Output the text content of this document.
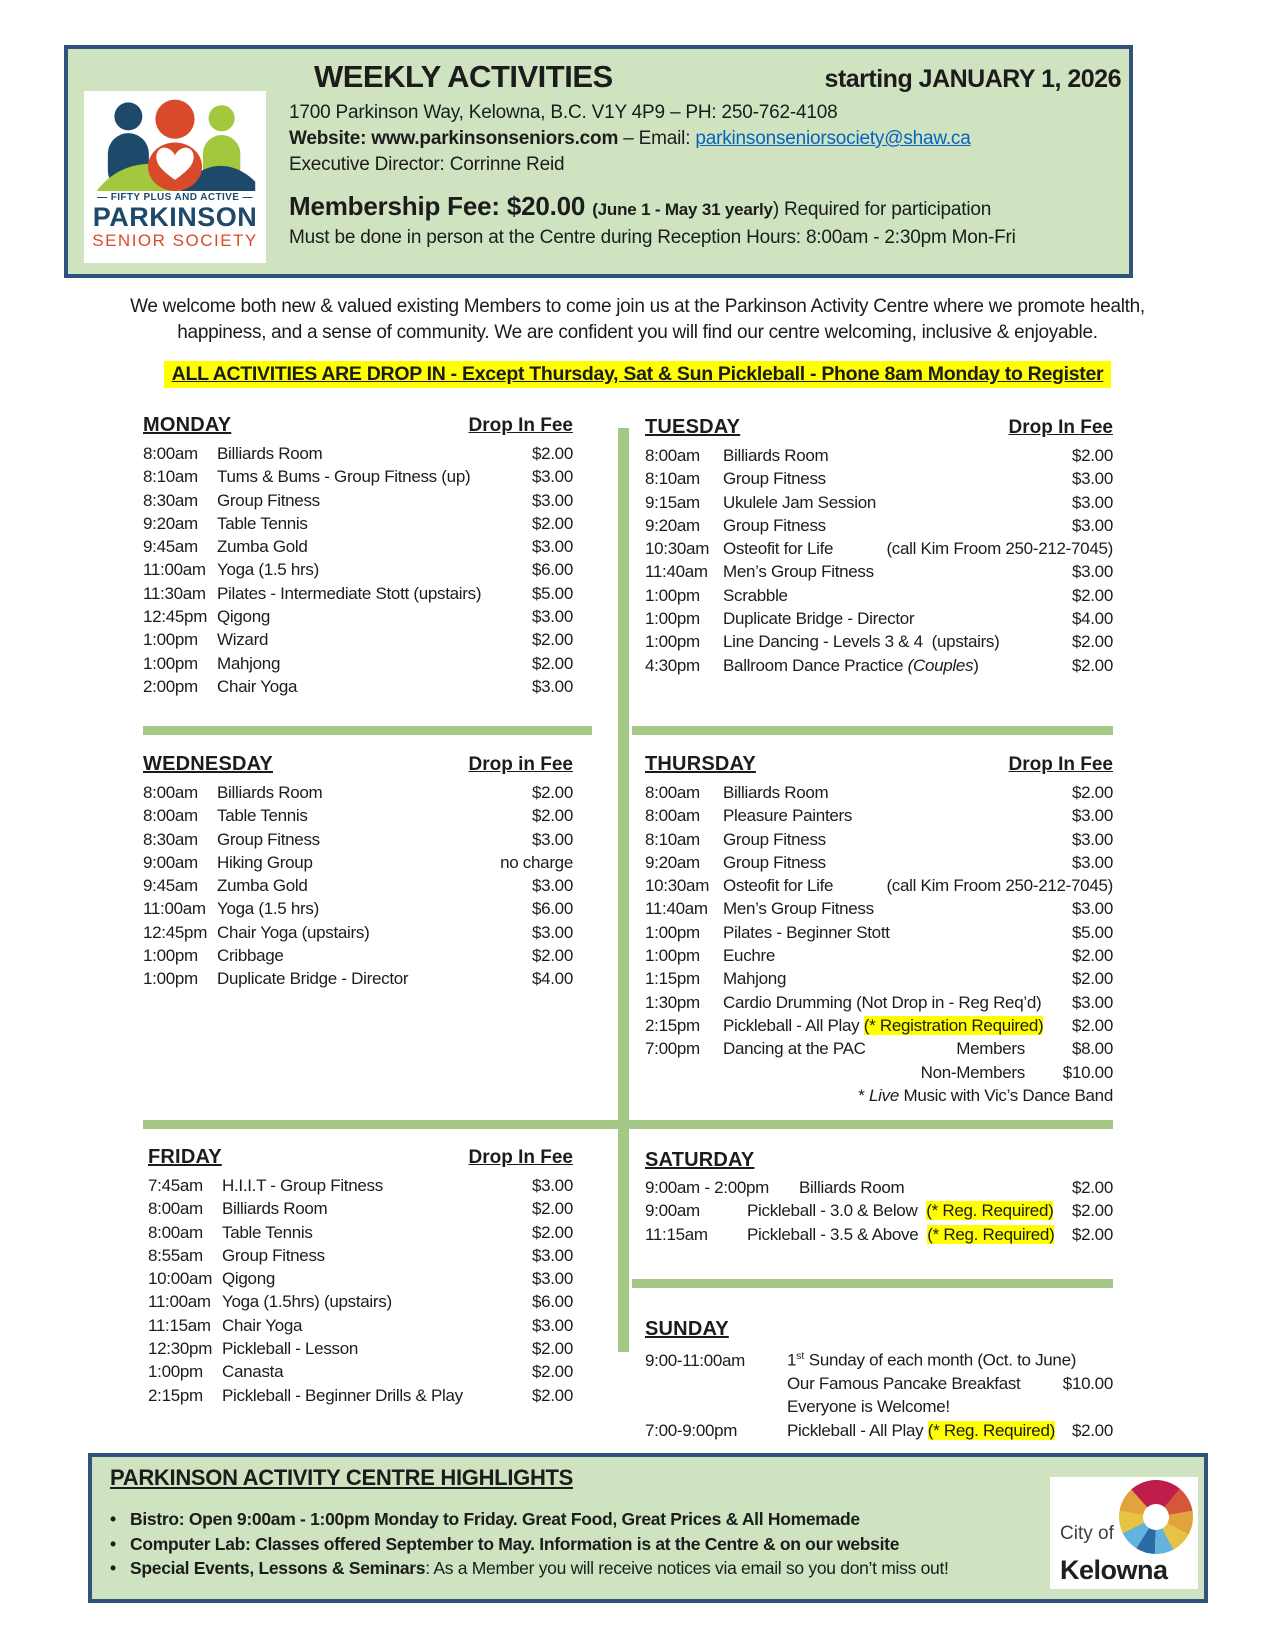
— FIFTY PLUS AND ACTIVE —
PARKINSON
SENIOR SOCIETY
WEEKLY ACTIVITIES	starting JANUARY 1, 2026
1700 Parkinson Way, Kelowna, B.C. V1Y 4P9 – PH: 250-762-4108
Website: www.parkinsonseniors.com – Email: parkinsonseniorsociety@shaw.ca
Executive Director: Corrinne Reid
Membership Fee: $20.00 (June 1 - May 31 yearly) Required for participation
Must be done in person at the Centre during Reception Hours: 8:00am - 2:30pm Mon-Fri
We welcome both new & valued existing Members to come join us at the Parkinson Activity Centre where we promote health,
happiness, and a sense of community. We are confident you will find our centre welcoming, inclusive & enjoyable.
ALL ACTIVITIES ARE DROP IN - Except Thursday, Sat & Sun Pickleball - Phone 8am Monday to Register
MONDAY	Drop In Fee
8:00am	Billiards Room	$2.00
8:10am	Tums & Bums - Group Fitness (up)	$3.00
8:30am	Group Fitness	$3.00
9:20am	Table Tennis	$2.00
9:45am	Zumba Gold	$3.00
11:00am Yoga (1.5 hrs)	$6.00
11:30am Pilates - Intermediate Stott (upstairs)	$5.00
12:45pm Qigong	$3.00
1:00pm	Wizard	$2.00
1:00pm	Mahjong	$2.00
2:00pm	Chair Yoga	$3.00
TUESDAY	Drop In Fee
8:00am	Billiards Room	$2.00
8:10am	Group Fitness	$3.00
9:15am	Ukulele Jam Session	$3.00
9:20am	Group Fitness	$3.00
10:30am Osteofit for Life	(call Kim Froom 250-212-7045)
11:40am Men’s Group Fitness	$3.00
1:00pm	Scrabble	$2.00
1:00pm	Duplicate Bridge - Director	$4.00
1:00pm	Line Dancing - Levels 3 & 4  (upstairs)	$2.00
4:30pm	Ballroom Dance Practice (Couples)	$2.00
WEDNESDAY	Drop in Fee
8:00am	Billiards Room	$2.00
8:00am	Table Tennis	$2.00
8:30am	Group Fitness	$3.00
9:00am	Hiking Group	no charge
9:45am	Zumba Gold	$3.00
11:00am Yoga (1.5 hrs)	$6.00
12:45pm Chair Yoga (upstairs)	$3.00
1:00pm	Cribbage	$2.00
1:00pm	Duplicate Bridge - Director	$4.00
THURSDAY	Drop In Fee
8:00am	Billiards Room	$2.00
8:00am	Pleasure Painters	$3.00
8:10am	Group Fitness	$3.00
9:20am	Group Fitness	$3.00
10:30am Osteofit for Life	(call Kim Froom 250-212-7045)
11:40am Men’s Group Fitness	$3.00
1:00pm	Pilates - Beginner Stott	$5.00
1:00pm	Euchre	$2.00
1:15pm	Mahjong	$2.00
1:30pm	Cardio Drumming (Not Drop in - Reg Req’d) $3.00
2:15pm	Pickleball - All Play (* Registration Required) $2.00
7:00pm	Dancing at the PAC	Members	$8.00
Non-Members	$10.00
* Live Music with Vic’s Dance Band
FRIDAY	Drop In Fee
7:45am	H.I.I.T - Group Fitness	$3.00
8:00am	Billiards Room	$2.00
8:00am	Table Tennis	$2.00
8:55am	Group Fitness	$3.00
10:00am Qigong	$3.00
11:00am Yoga (1.5hrs) (upstairs)	$6.00
11:15am Chair Yoga	$3.00
12:30pm Pickleball - Lesson	$2.00
1:00pm	Canasta	$2.00
2:15pm	Pickleball - Beginner Drills & Play	$2.00
SATURDAY
9:00am - 2:00pm	Billiards Room	$2.00
9:00am	Pickleball - 3.0 & Below  (* Reg. Required) $2.00
11:15am	Pickleball - 3.5 & Above  (* Reg. Required) $2.00
SUNDAY
9:00-11:00am	1st Sunday of each month (Oct. to June)
Our Famous Pancake Breakfast $10.00
Everyone is Welcome!
7:00-9:00pm	Pickleball - All Play (* Reg. Required) $2.00
PARKINSON ACTIVITY CENTRE HIGHLIGHTS
• Bistro: Open 9:00am - 1:00pm Monday to Friday. Great Food, Great Prices & All Homemade
• Computer Lab: Classes offered September to May. Information is at the Centre & on our website
• Special Events, Lessons & Seminars : As a Member you will receive notices via email so you don’t miss out!
City of
Kelowna
